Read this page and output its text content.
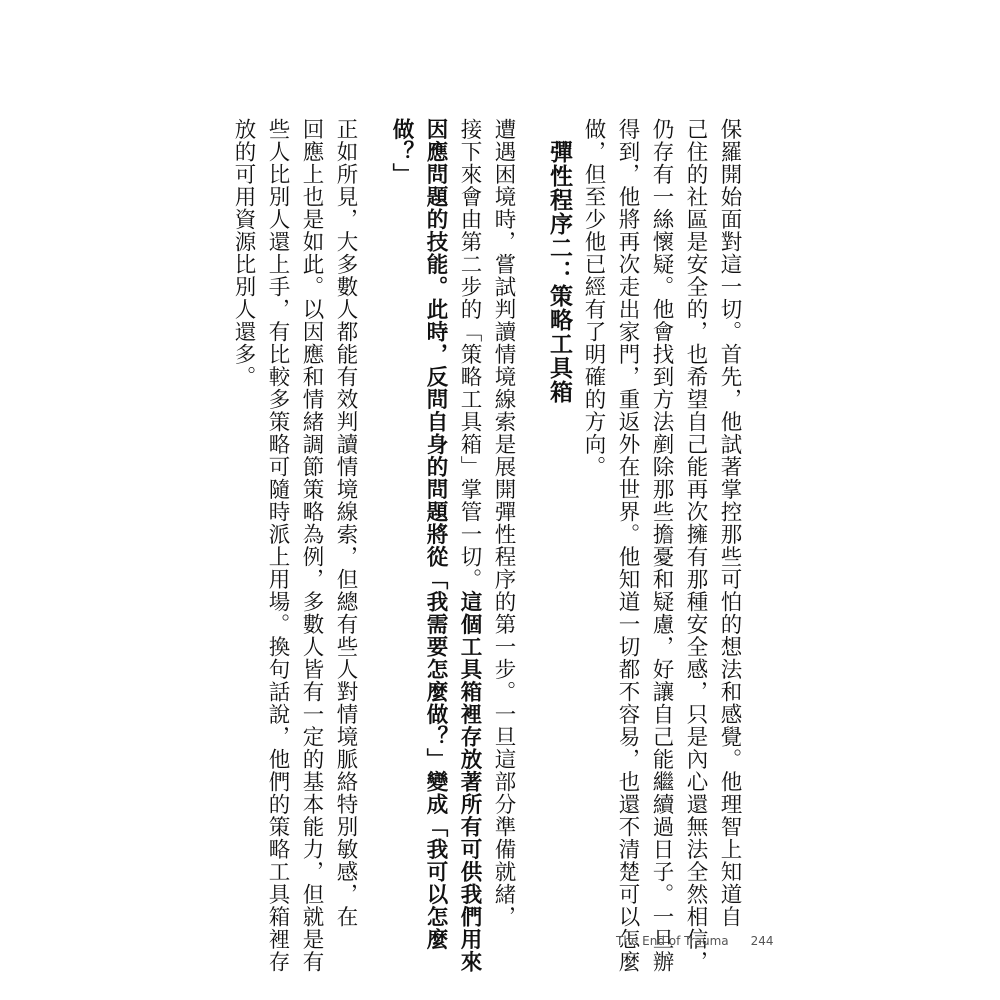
保羅開始面對這一切。首先，他試著掌控那些可怕的想法和感覺。他理智上知道自
己住的社區是安全的，也希望自己能再次擁有那種安全感，只是內心還無法全然相信，
仍存有一絲懷疑。他會找到方法剷除那些擔憂和疑慮，好讓自己能繼續過日子。一旦辦
得到，他將再次走出家門，重返外在世界。他知道一切都不容易，也還不清楚可以怎麼
做，但至少他已經有了明確的方向。
彈性程序二：策略工具箱
遭遇困境時，嘗試判讀情境線索是展開彈性程序的第一步。一旦這部分準備就緒，
接下來會由第二步的「策略工具箱」掌管一切。這個工具箱裡存放著所有可供我們用來
因應問題的技能。此時，反問自身的問題將從「我需要怎麼做？」變成「我可以怎麼
做？」
正如所見，大多數人都能有效判讀情境線索，但總有些人對情境脈絡特別敏感，在
回應上也是如此。以因應和情緒調節策略為例，多數人皆有一定的基本能力，但就是有
些人比別人還上手，有比較多策略可隨時派上用場。換句話說，他們的策略工具箱裡存
放的可用資源比別人還多。
The End of Trauma 244
